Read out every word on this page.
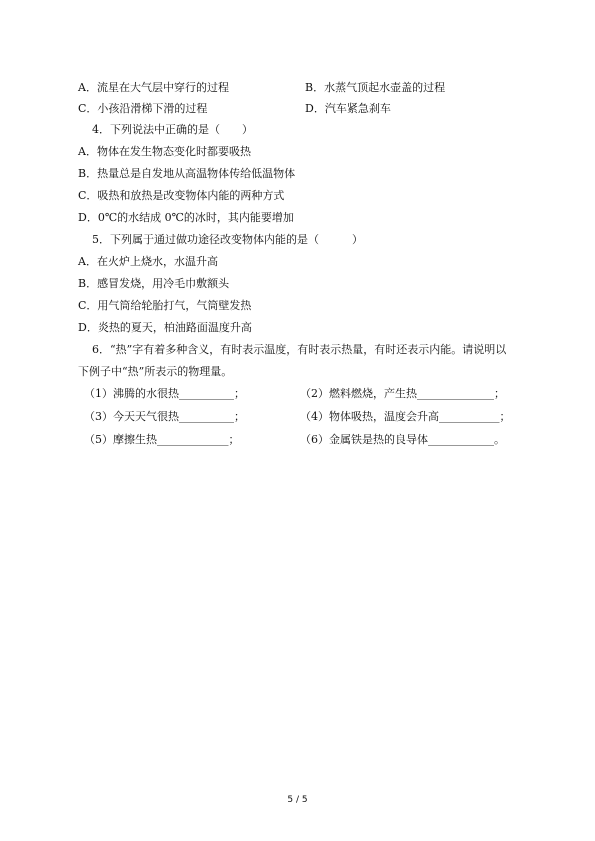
A．流星在大气层中穿行的过程	B．水蒸气顶起水壶盖的过程
C．小孩沿滑梯下滑的过程	D．汽车紧急刹车
4．下列说法中正确的是（　　）
A．物体在发生物态变化时都要吸热
B．热量总是自发地从高温物体传给低温物体
C．吸热和放热是改变物体内能的两种方式
D．0℃的水结成 0℃的冰时，其内能要增加
5．下列属于通过做功途径改变物体内能的是（　　　）
A．在火炉上烧水，水温升高
B．感冒发烧，用冷毛巾敷额头
C．用气筒给轮胎打气，气筒壁发热
D．炎热的夏天，柏油路面温度升高
6．“热”字有着多种含义，有时表示温度，有时表示热量，有时还表示内能。请说明以
下例子中“热”所表示的物理量。
（1）沸腾的水很热__________；	（2）燃料燃烧，产生热______________；
（3）今天天气很热__________；	（4）物体吸热，温度会升高___________；
（5）摩擦生热_____________；	（6）金属铁是热的良导体____________。
5 / 5
